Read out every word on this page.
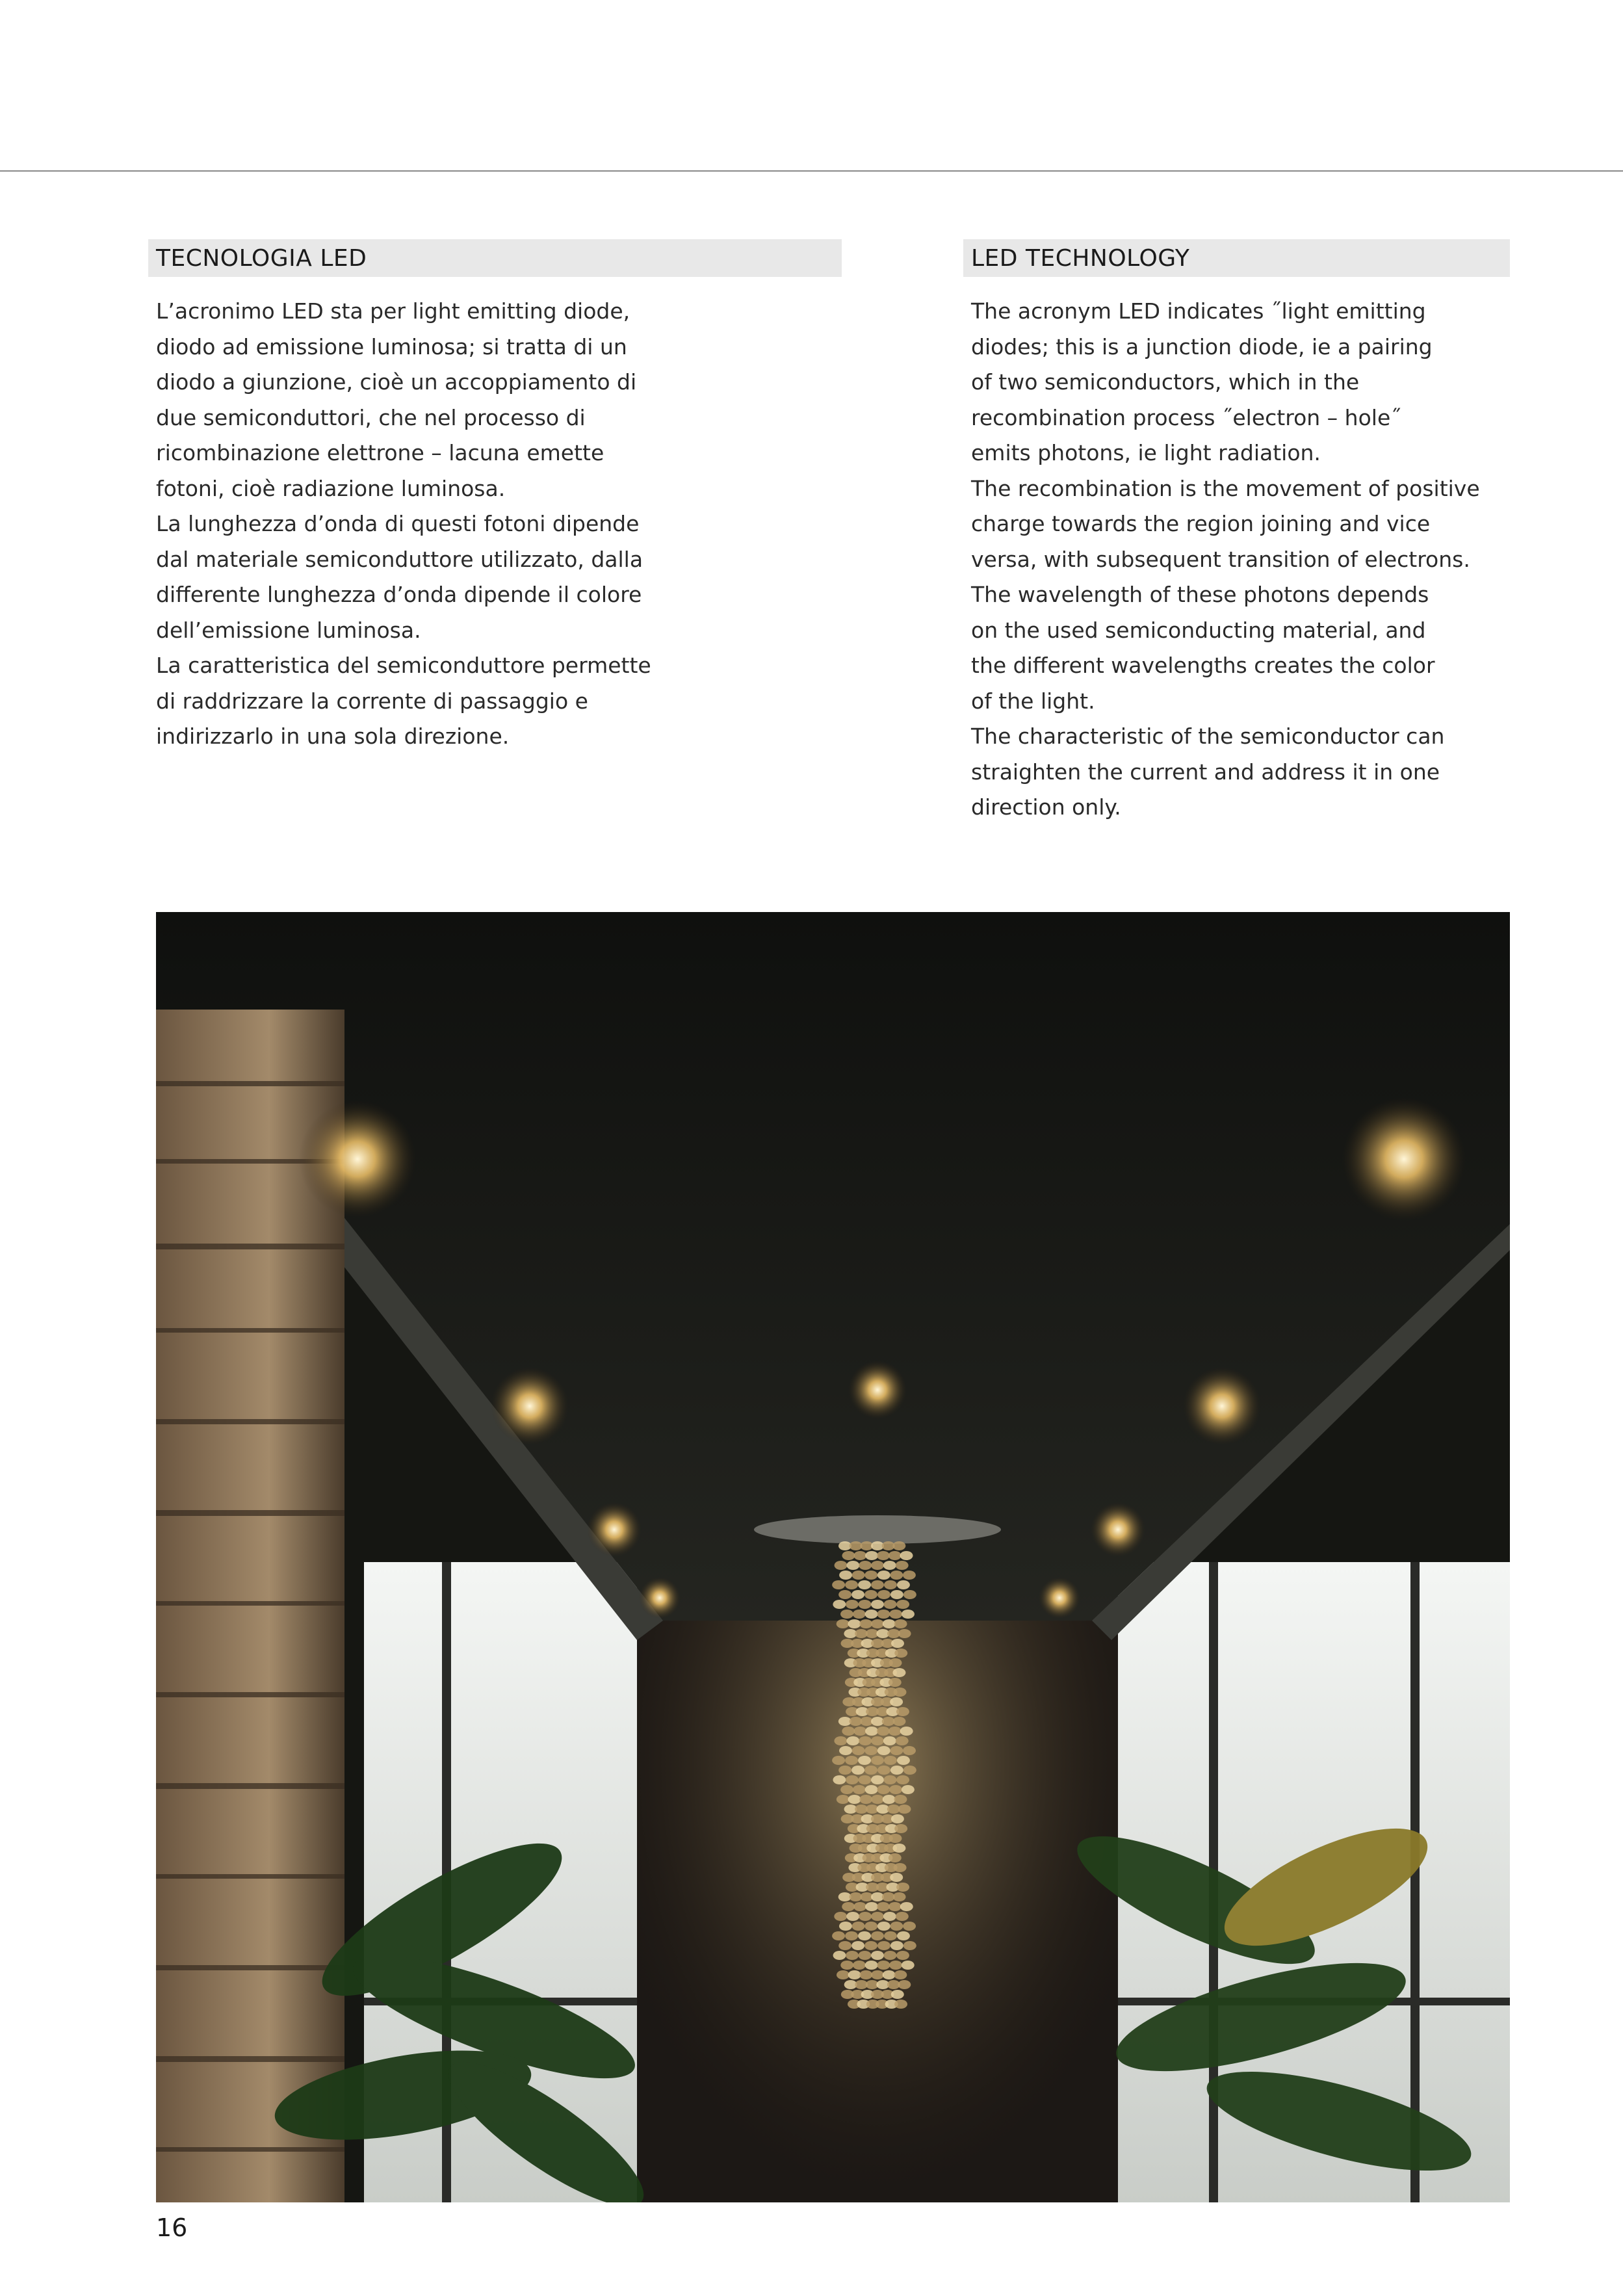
TECNOLOGIA LED

L’acronimo LED sta per light emitting diode,

diodo ad emissione luminosa; si tratta di un

diodo a giunzione, cioè un accoppiamento di

due semiconduttori, che nel processo di

ricombinazione elettrone – lacuna emette

fotoni, cioè radiazione luminosa.

La lunghezza d’onda di questi fotoni dipende

dal materiale semiconduttore utilizzato, dalla

differente lunghezza d’onda dipende il colore

dell’emissione luminosa.

La caratteristica del semiconduttore permette

di raddrizzare la corrente di passaggio e

indirizzarlo in una sola direzione.

LED TECHNOLOGY

The acronym LED indicates ˝light emitting

diodes; this is a junction diode, ie a pairing

of two semiconductors, which in the

recombination process ˝electron – hole˝

emits photons, ie light radiation.

The recombination is the movement of positive

charge towards the region joining and vice

versa, with subsequent transition of electrons.

The wavelength of these photons depends

on the used semiconducting material, and

the different wavelengths creates the color

of the light.

The characteristic of the semiconductor can

straighten the current and address it in one

direction only.

16
